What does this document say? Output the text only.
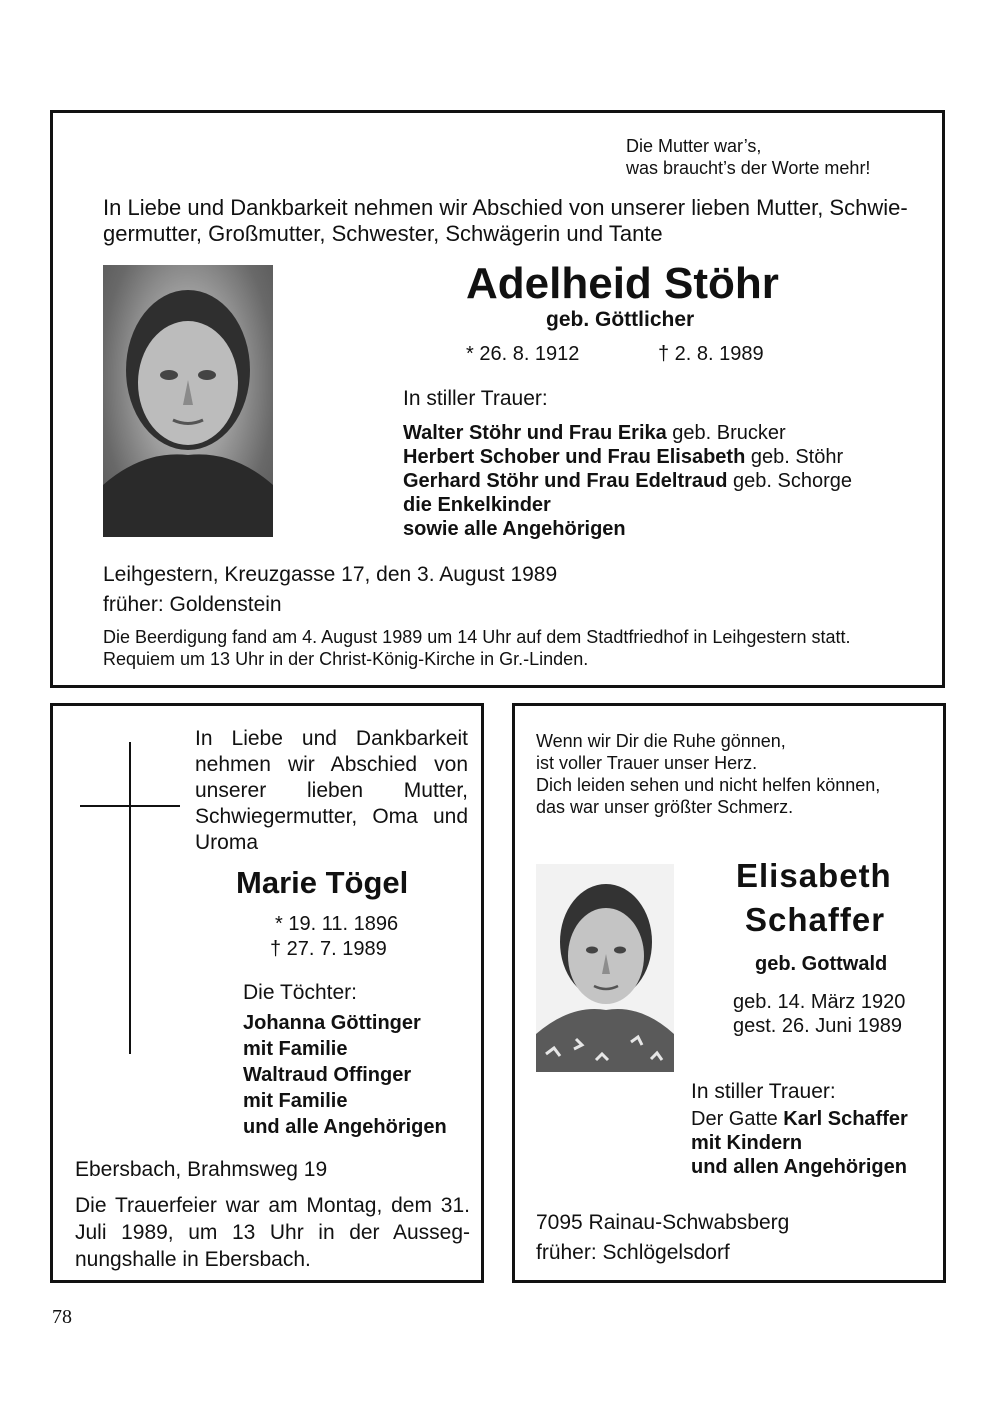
Die Mutter war’s,
was braucht’s der Worte mehr!
In Liebe und Dankbarkeit nehmen wir Abschied von unserer lieben Mutter, Schwie-
germutter, Großmutter, Schwester, Schwägerin und Tante
Adelheid Stöhr
geb. Göttlicher
* 26. 8. 1912	† 2. 8. 1989
In stiller Trauer:
Walter Stöhr und Frau Erika geb. Brucker
Herbert Schober und Frau Elisabeth geb. Stöhr
Gerhard Stöhr und Frau Edeltraud geb. Schorge
die Enkelkinder
sowie alle Angehörigen
Leihgestern, Kreuzgasse 17, den 3. August 1989
früher: Goldenstein
Die Beerdigung fand am 4. August 1989 um 14 Uhr auf dem Stadtfriedhof in Leihgestern statt.
Requiem um 13 Uhr in der Christ-König-Kirche in Gr.-Linden.
In Liebe und Dankbarkeit
nehmen wir Abschied von
unserer lieben Mutter,
Schwiegermutter, Oma und
Uroma
Marie Tögel
* 19. 11. 1896
† 27. 7. 1989
Die Töchter:
Johanna Göttinger
mit Familie
Waltraud Offinger
mit Familie
und alle Angehörigen
Ebersbach, Brahmsweg 19
Die Trauerfeier war am Montag, dem 31.
Juli 1989, um 13 Uhr in der Ausseg-
nungshalle in Ebersbach.
Wenn wir Dir die Ruhe gönnen,
ist voller Trauer unser Herz.
Dich leiden sehen und nicht helfen können,
das war unser größter Schmerz.
Elisabeth
Schaffer
geb. Gottwald
geb. 14. März 1920
gest. 26. Juni 1989
In stiller Trauer:
Der Gatte Karl Schaffer
mit Kindern
und allen Angehörigen
7095 Rainau-Schwabsberg
früher: Schlögelsdorf
78
